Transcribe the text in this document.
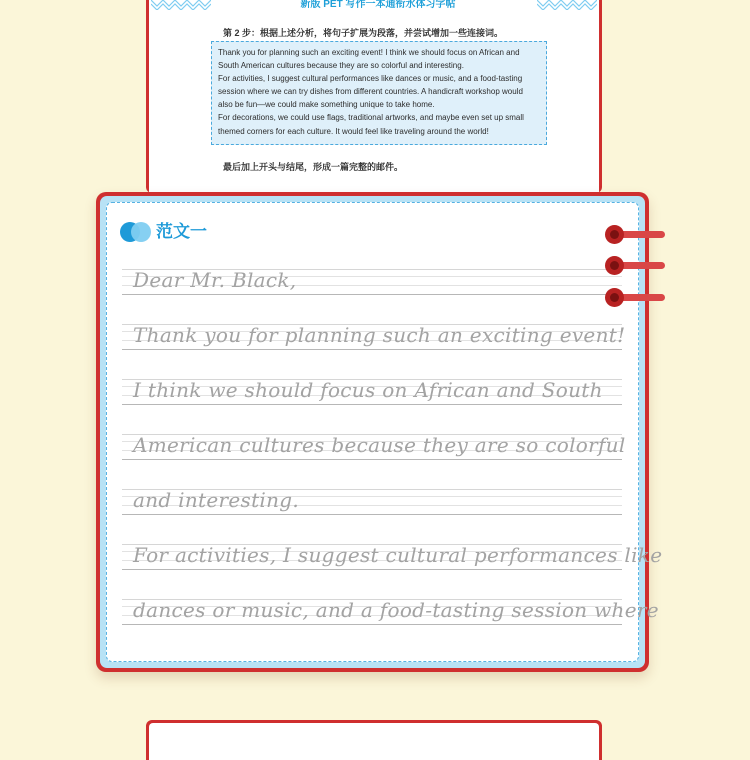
新版 PET 写作一本通衔水体习字帖
第 2 步：根据上述分析，将句子扩展为段落，并尝试增加一些连接词。

Thank you for planning such an exciting event! I think we should focus on African and

South American cultures because they are so colorful and interesting.

For activities, I suggest cultural performances like dances or music, and a food-tasting

session where we can try dishes from different countries. A handicraft workshop would

also be fun—we could make something unique to take home.

For decorations, we could use flags, traditional artworks, and maybe even set up small

themed corners for each culture. It would feel like traveling around the world!

最后加上开头与结尾，形成一篇完整的邮件。
范文一
Dear Mr. Black,
Thank you for planning such an exciting event!
I think we should focus on African and South
American cultures because they are so colorful
and interesting.
For activities, I suggest cultural performances like
dances or music, and a food-tasting session where
